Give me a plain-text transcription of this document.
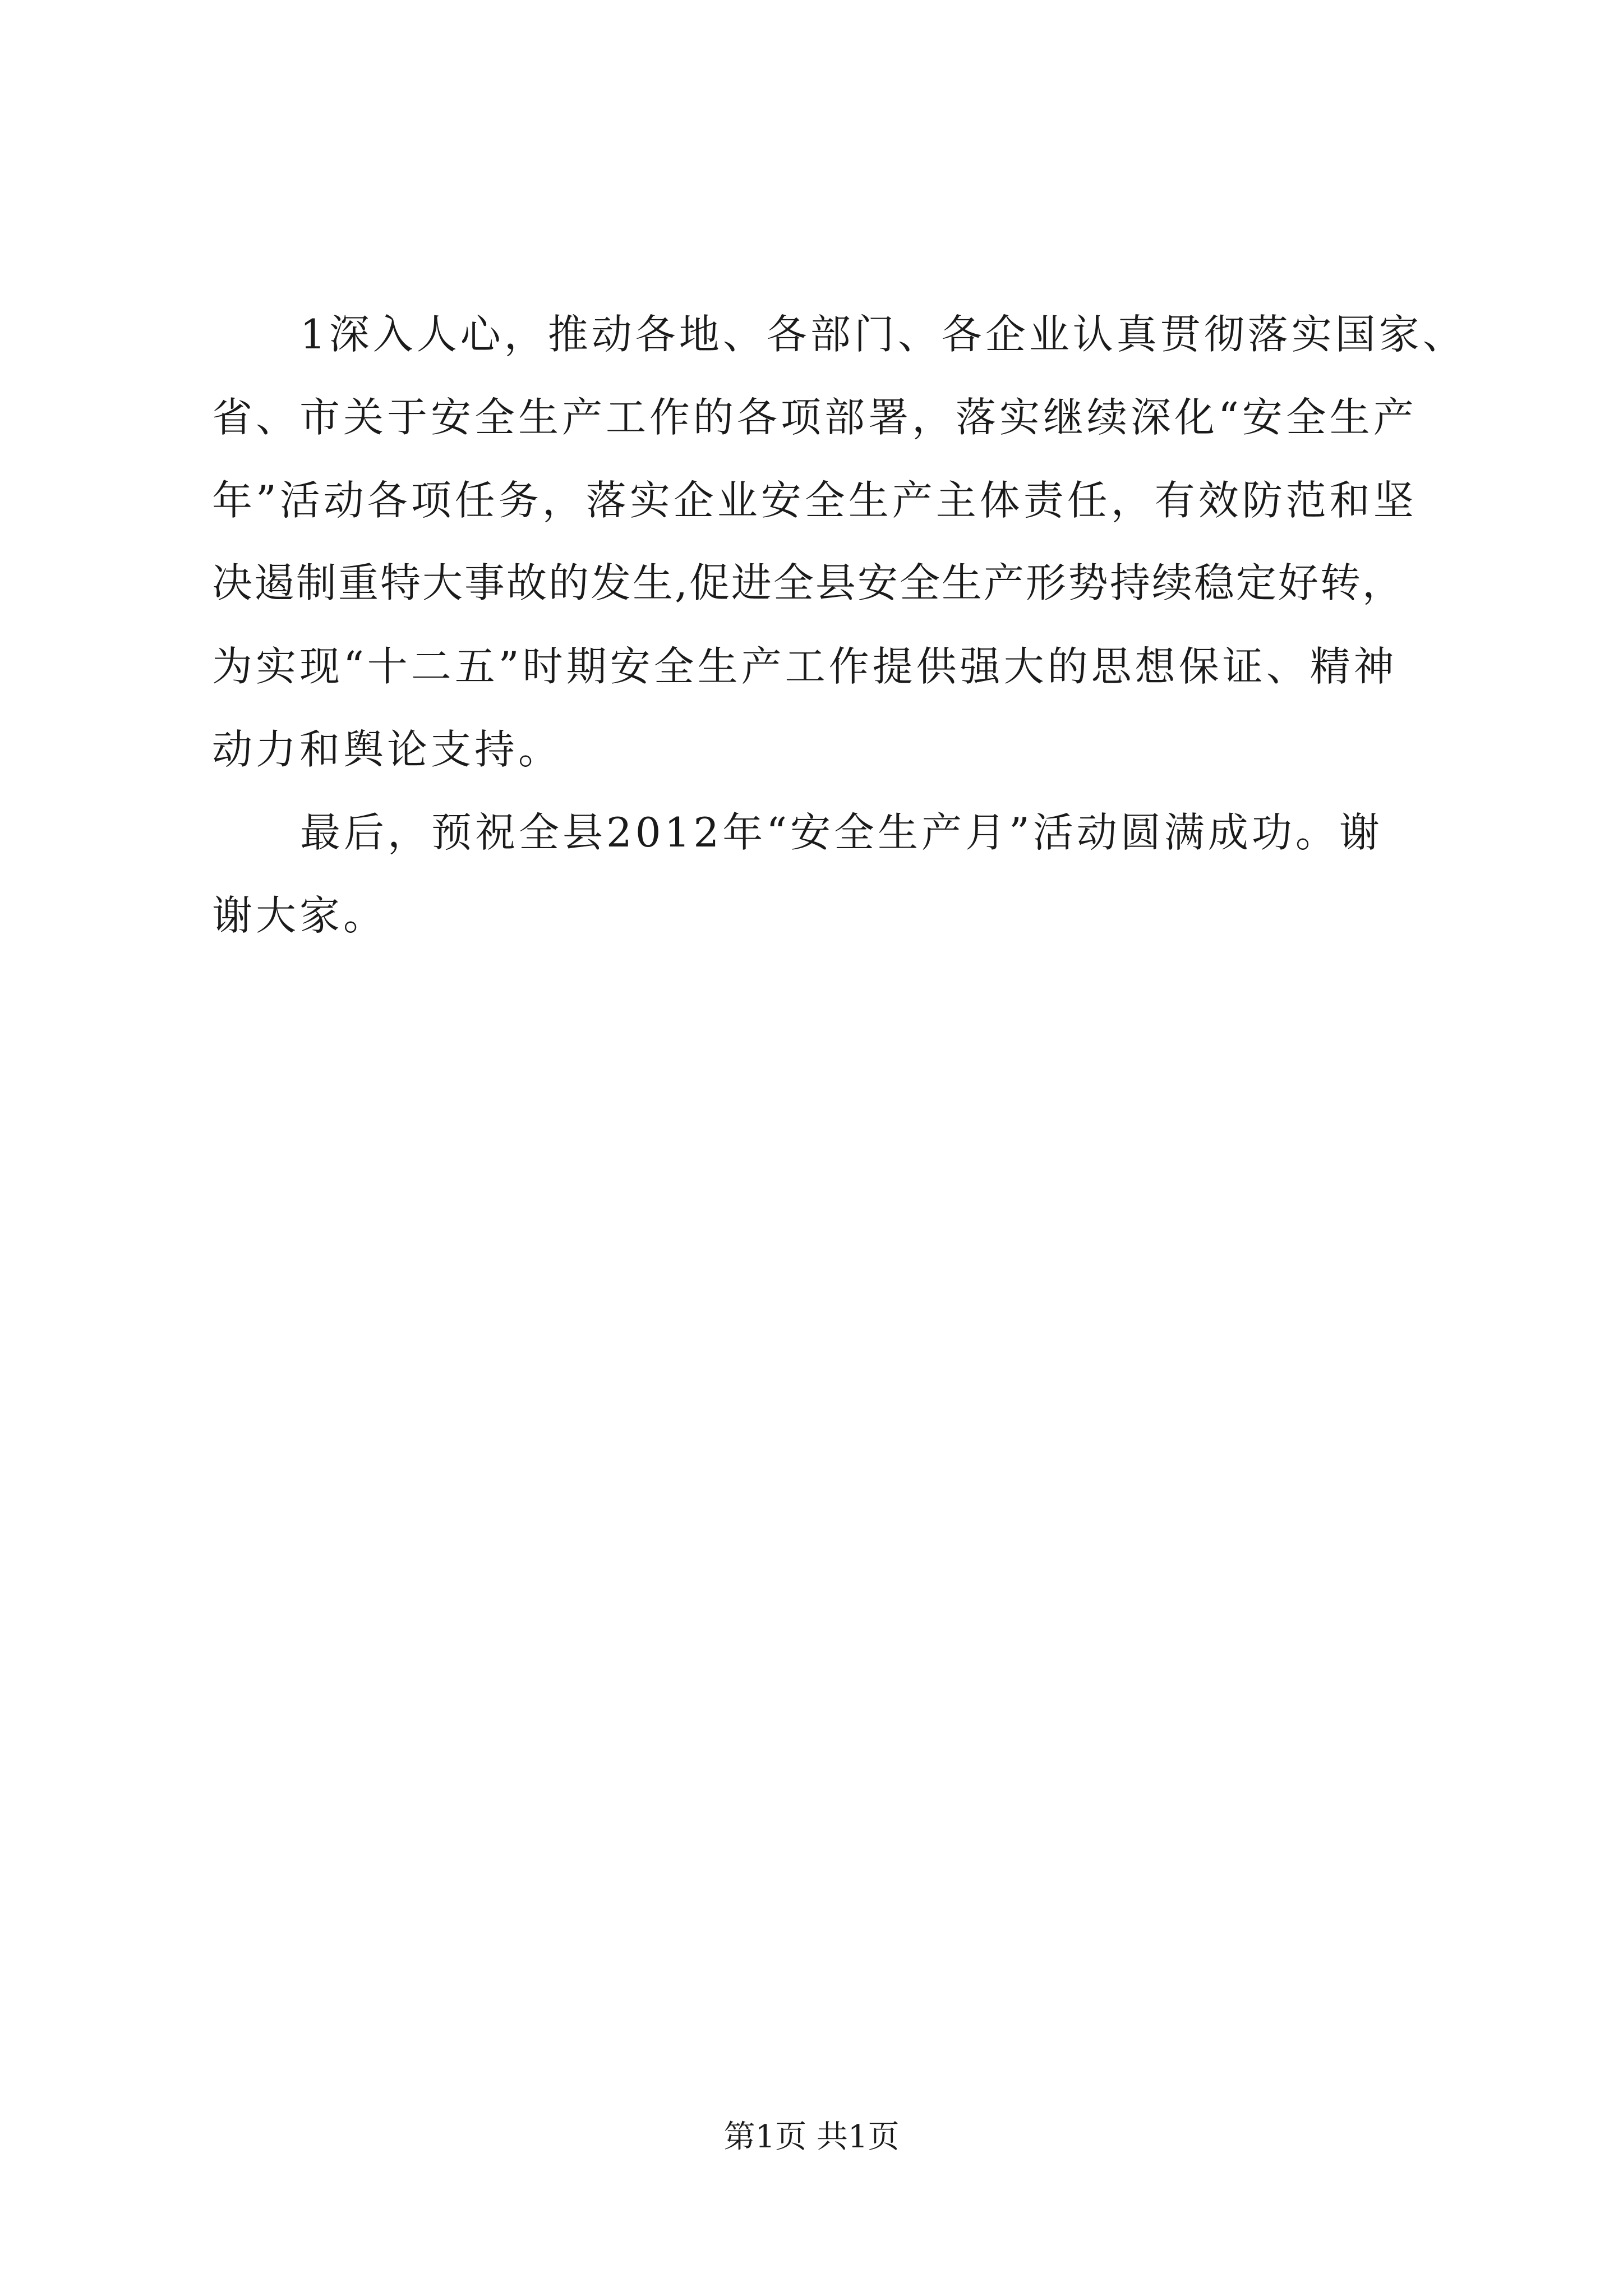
1深入人心，推动各地、各部门、各企业认真贯彻落实国家、
省、市关于安全生产工作的各项部署，落实继续深化“安全生产
年”活动各项任务，落实企业安全生产主体责任，有效防范和坚
决遏制重特大事故的发生,促进全县安全生产形势持续稳定好转，
为实现“十二五”时期安全生产工作提供强大的思想保证、精神
动力和舆论支持。
最后，预祝全县2012年“安全生产月”活动圆满成功。谢
谢大家。
第1页 共1页
